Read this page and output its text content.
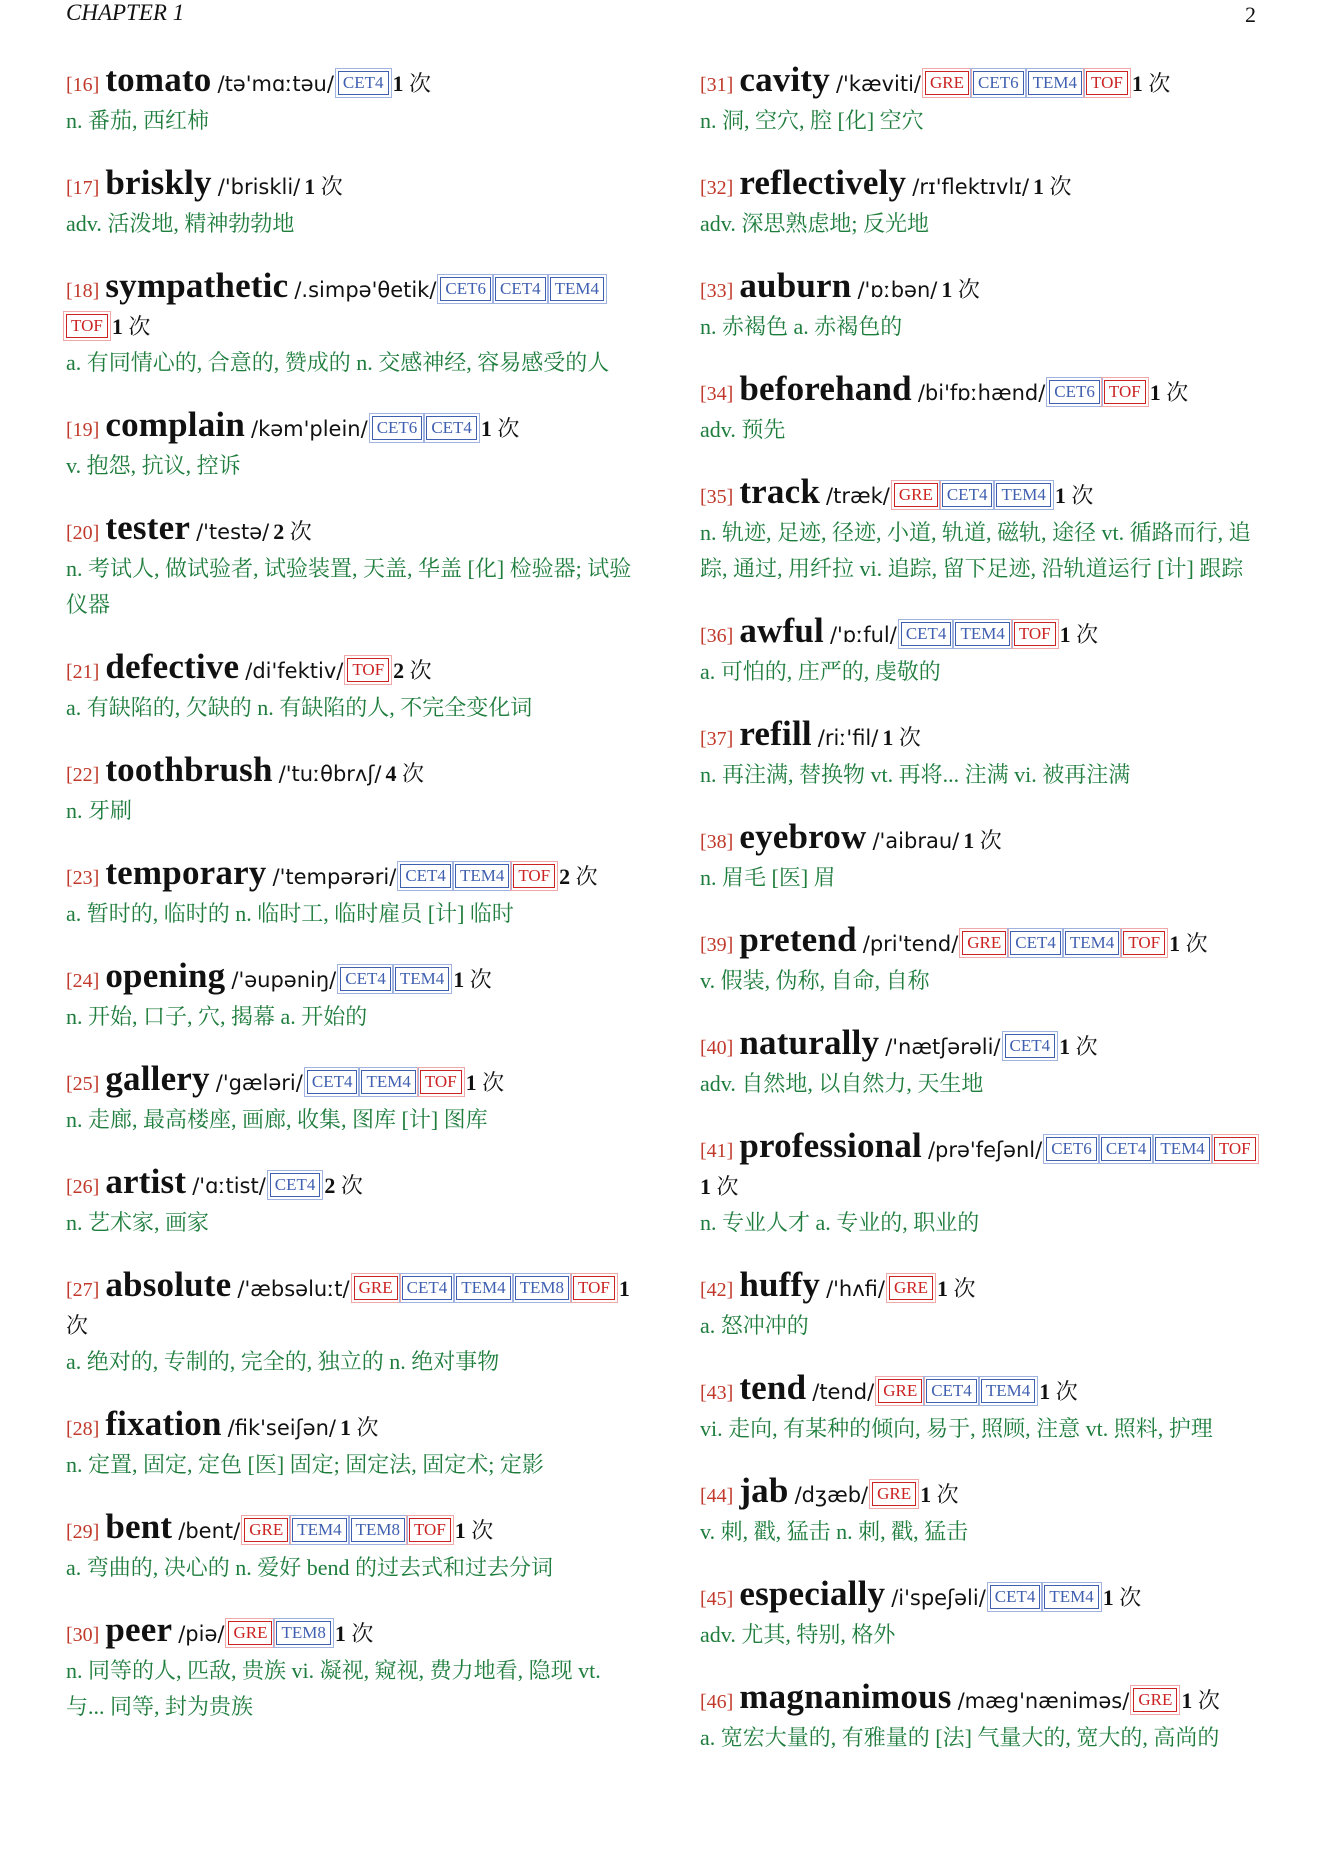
CHAPTER 1	2
[16] tomato /tə'mɑːtəu/ CET4 1 次
n. 番茄, 西红柿
[17] briskly /'briskli/ 1 次
adv. 活泼地, 精神勃勃地
[18] sympathetic /.simpə'θetik/ CET6 CET4 TEM4TOF 1 次
a. 有同情心的, 合意的, 赞成的 n. 交感神经, 容易感受的人
[19] complain /kəm'plein/ CET6 CET4 1 次
v. 抱怨, 抗议, 控诉
[20] tester /'testə/ 2 次
n. 考试人, 做试验者, 试验装置, 天盖, 华盖 [化] 检验器; 试验仪器
[21] defective /di'fektiv/ TOF 2 次
a. 有缺陷的, 欠缺的 n. 有缺陷的人, 不完全变化词
[22] toothbrush /'tuːθbrʌʃ/ 4 次
n. 牙刷
[23] temporary /'tempərəri/ CET4 TEM4 TOF 2 次
a. 暂时的, 临时的 n. 临时工, 临时雇员 [计] 临时
[24] opening /'əupəniŋ/ CET4 TEM4 1 次
n. 开始, 口子, 穴, 揭幕 a. 开始的
[25] gallery /'gæləri/ CET4 TEM4 TOF 1 次
n. 走廊, 最高楼座, 画廊, 收集, 图库 [计] 图库
[26] artist /'ɑːtist/ CET4 2 次
n. 艺术家, 画家
[27] absolute /'æbsəluːt/ GRE CET4 TEM4 TEM8 TOF 1 次
a. 绝对的, 专制的, 完全的, 独立的 n. 绝对事物
[28] fixation /fik'seiʃən/ 1 次
n. 定置, 固定, 定色 [医] 固定; 固定法, 固定术; 定影
[29] bent /bent/ GRE TEM4 TEM8 TOF 1 次
a. 弯曲的, 决心的 n. 爱好 bend 的过去式和过去分词
[30] peer /piə/ GRE TEM8 1 次
n. 同等的人, 匹敌, 贵族 vi. 凝视, 窥视, 费力地看, 隐现 vt. 与... 同等, 封为贵族
[31] cavity /'kæviti/ GRE CET6 TEM4 TOF 1 次
n. 洞, 空穴, 腔 [化] 空穴
[32] reflectively /rɪ'flektɪvlɪ/ 1 次
adv. 深思熟虑地; 反光地
[33] auburn /'ɒːbən/ 1 次
n. 赤褐色 a. 赤褐色的
[34] beforehand /bi'fɒːhænd/ CET6 TOF 1 次
adv. 预先
[35] track /træk/ GRE CET4 TEM4 1 次
n. 轨迹, 足迹, 径迹, 小道, 轨道, 磁轨, 途径 vt. 循路而行, 追踪, 通过, 用纤拉 vi. 追踪, 留下足迹, 沿轨道运行 [计] 跟踪
[36] awful /'ɒːful/ CET4 TEM4 TOF 1 次
a. 可怕的, 庄严的, 虔敬的
[37] refill /riː'fil/ 1 次
n. 再注满, 替换物 vt. 再将... 注满 vi. 被再注满
[38] eyebrow /'aibrau/ 1 次
n. 眉毛 [医] 眉
[39] pretend /pri'tend/ GRE CET4 TEM4 TOF 1 次
v. 假装, 伪称, 自命, 自称
[40] naturally /'nætʃərəli/ CET4 1 次
adv. 自然地, 以自然力, 天生地
[41] professional /prə'feʃənl/ CET6 CET4 TEM4 TOF1 次
n. 专业人才 a. 专业的, 职业的
[42] huffy /'hʌfi/ GRE 1 次
a. 怒冲冲的
[43] tend /tend/ GRE CET4 TEM4 1 次
vi. 走向, 有某种的倾向, 易于, 照顾, 注意 vt. 照料, 护理
[44] jab /dʒæb/ GRE 1 次
v. 刺, 戳, 猛击 n. 刺, 戳, 猛击
[45] especially /i'speʃəli/ CET4 TEM4 1 次
adv. 尤其, 特别, 格外
[46] magnanimous /mæg'nænimәs/ GRE 1 次
a. 宽宏大量的, 有雅量的 [法] 气量大的, 宽大的, 高尚的
